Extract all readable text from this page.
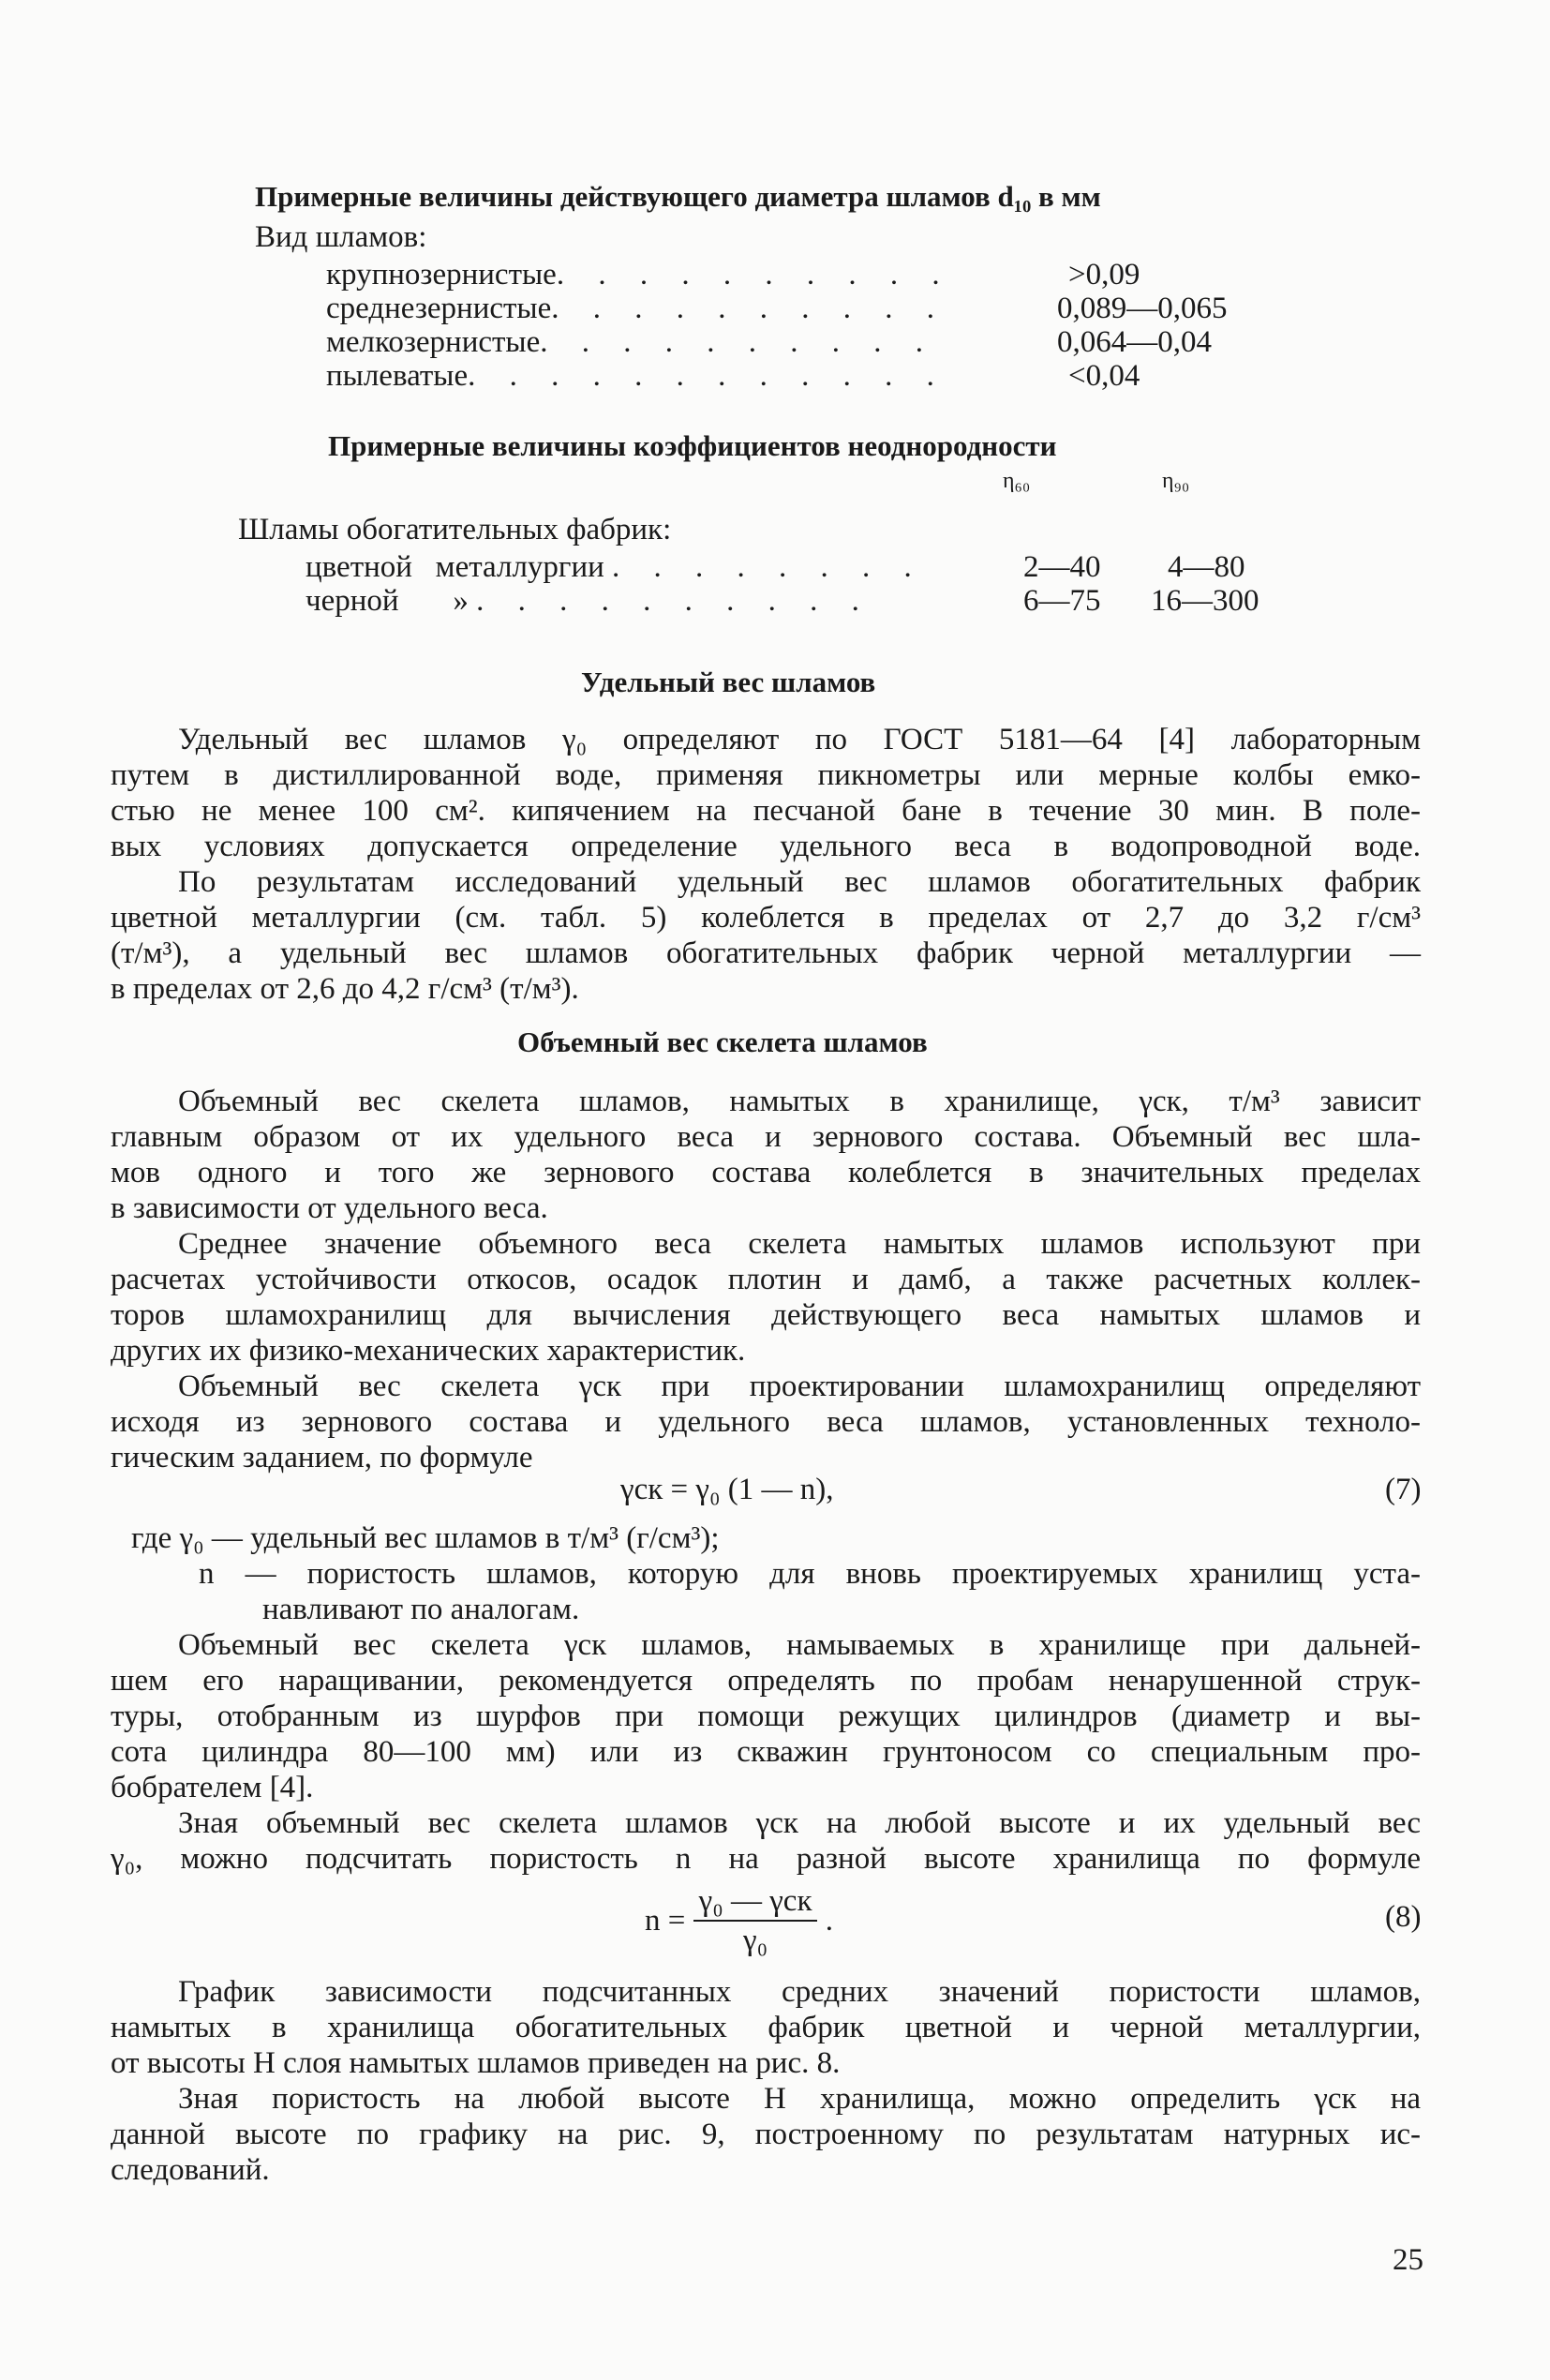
Примерные величины действующего диаметра шламов d₁₀ в мм
Вид шламов:
крупнозернистые. . . . . . . . . .	>0,09
среднезернистые. . . . . . . . . .	0,089—0,065
мелкозернистые. . . . . . . . . .	0,064—0,04
пылеватые. . . . . . . . . . . .	<0,04
Примерные величины коэффициентов неоднородности
η₆₀	η₉₀
Шламы обогатительных фабрик:
цветной   металлургии . . . . . . . .	2—40 4—80
черной       » . . . . . . . . . .	6—75 16—300
Удельный вес шламов
Удельный вес шламов γ₀ определяют по ГОСТ 5181—64 [4] лабораторным
путем в дистиллированной воде, применяя пикнометры или мерные колбы емко-
стью не менее 100 см². кипячением на песчаной бане в течение 30 мин. В поле-
вых условиях допускается определение удельного веса в водопроводной воде.
По результатам исследований удельный вес шламов обогатительных фабрик
цветной металлургии (см. табл. 5) колеблется в пределах от 2,7 до 3,2 г/см³
(т/м³), а удельный вес шламов обогатительных фабрик черной металлургии —
в пределах от 2,6 до 4,2 г/см³ (т/м³).
Объемный вес скелета шламов
Объемный вес скелета шламов, намытых в хранилище, γск, т/м³ зависит
главным образом от их удельного веса и зернового состава. Объемный вес шла-
мов одного и того же зернового состава колеблется в значительных пределах
в зависимости от удельного веса.
Среднее значение объемного веса скелета намытых шламов используют при
расчетах устойчивости откосов, осадок плотин и дамб, а также расчетных коллек-
торов шламохранилищ для вычисления действующего веса намытых шламов и
других их физико-механических характеристик.
Объемный вес скелета γск при проектировании шламохранилищ определяют
исходя из зернового состава и удельного веса шламов, установленных техноло-
гическим заданием, по формуле
γск = γ₀ (1 — n),	(7)
где γ₀ — удельный вес шламов в т/м³ (г/см³);
n — пористость шламов, которую для вновь проектируемых хранилищ уста-
навливают по аналогам.
Объемный вес скелета γск шламов, намываемых в хранилище при дальней-
шем его наращивании, рекомендуется определять по пробам ненарушенной струк-
туры, отобранным из шурфов при помощи режущих цилиндров (диаметр и вы-
сота цилиндра 80—100 мм) или из скважин грунтоносом со специальным про-
бобрателем [4].
Зная объемный вес скелета шламов γск на любой высоте и их удельный вес
γ₀, можно подсчитать пористость n на разной высоте хранилища по формуле
$n = \frac{\text{γ₀ — γск}}{\text{γ₀}}$ .	(8)
График зависимости подсчитанных средних значений пористости шламов,
намытых в хранилища обогатительных фабрик цветной и черной металлургии,
от высоты Н слоя намытых шламов приведен на рис. 8.
Зная пористость на любой высоте Н хранилища, можно определить γск на
данной высоте по графику на рис. 9, построенному по результатам натурных ис-
следований.
25
